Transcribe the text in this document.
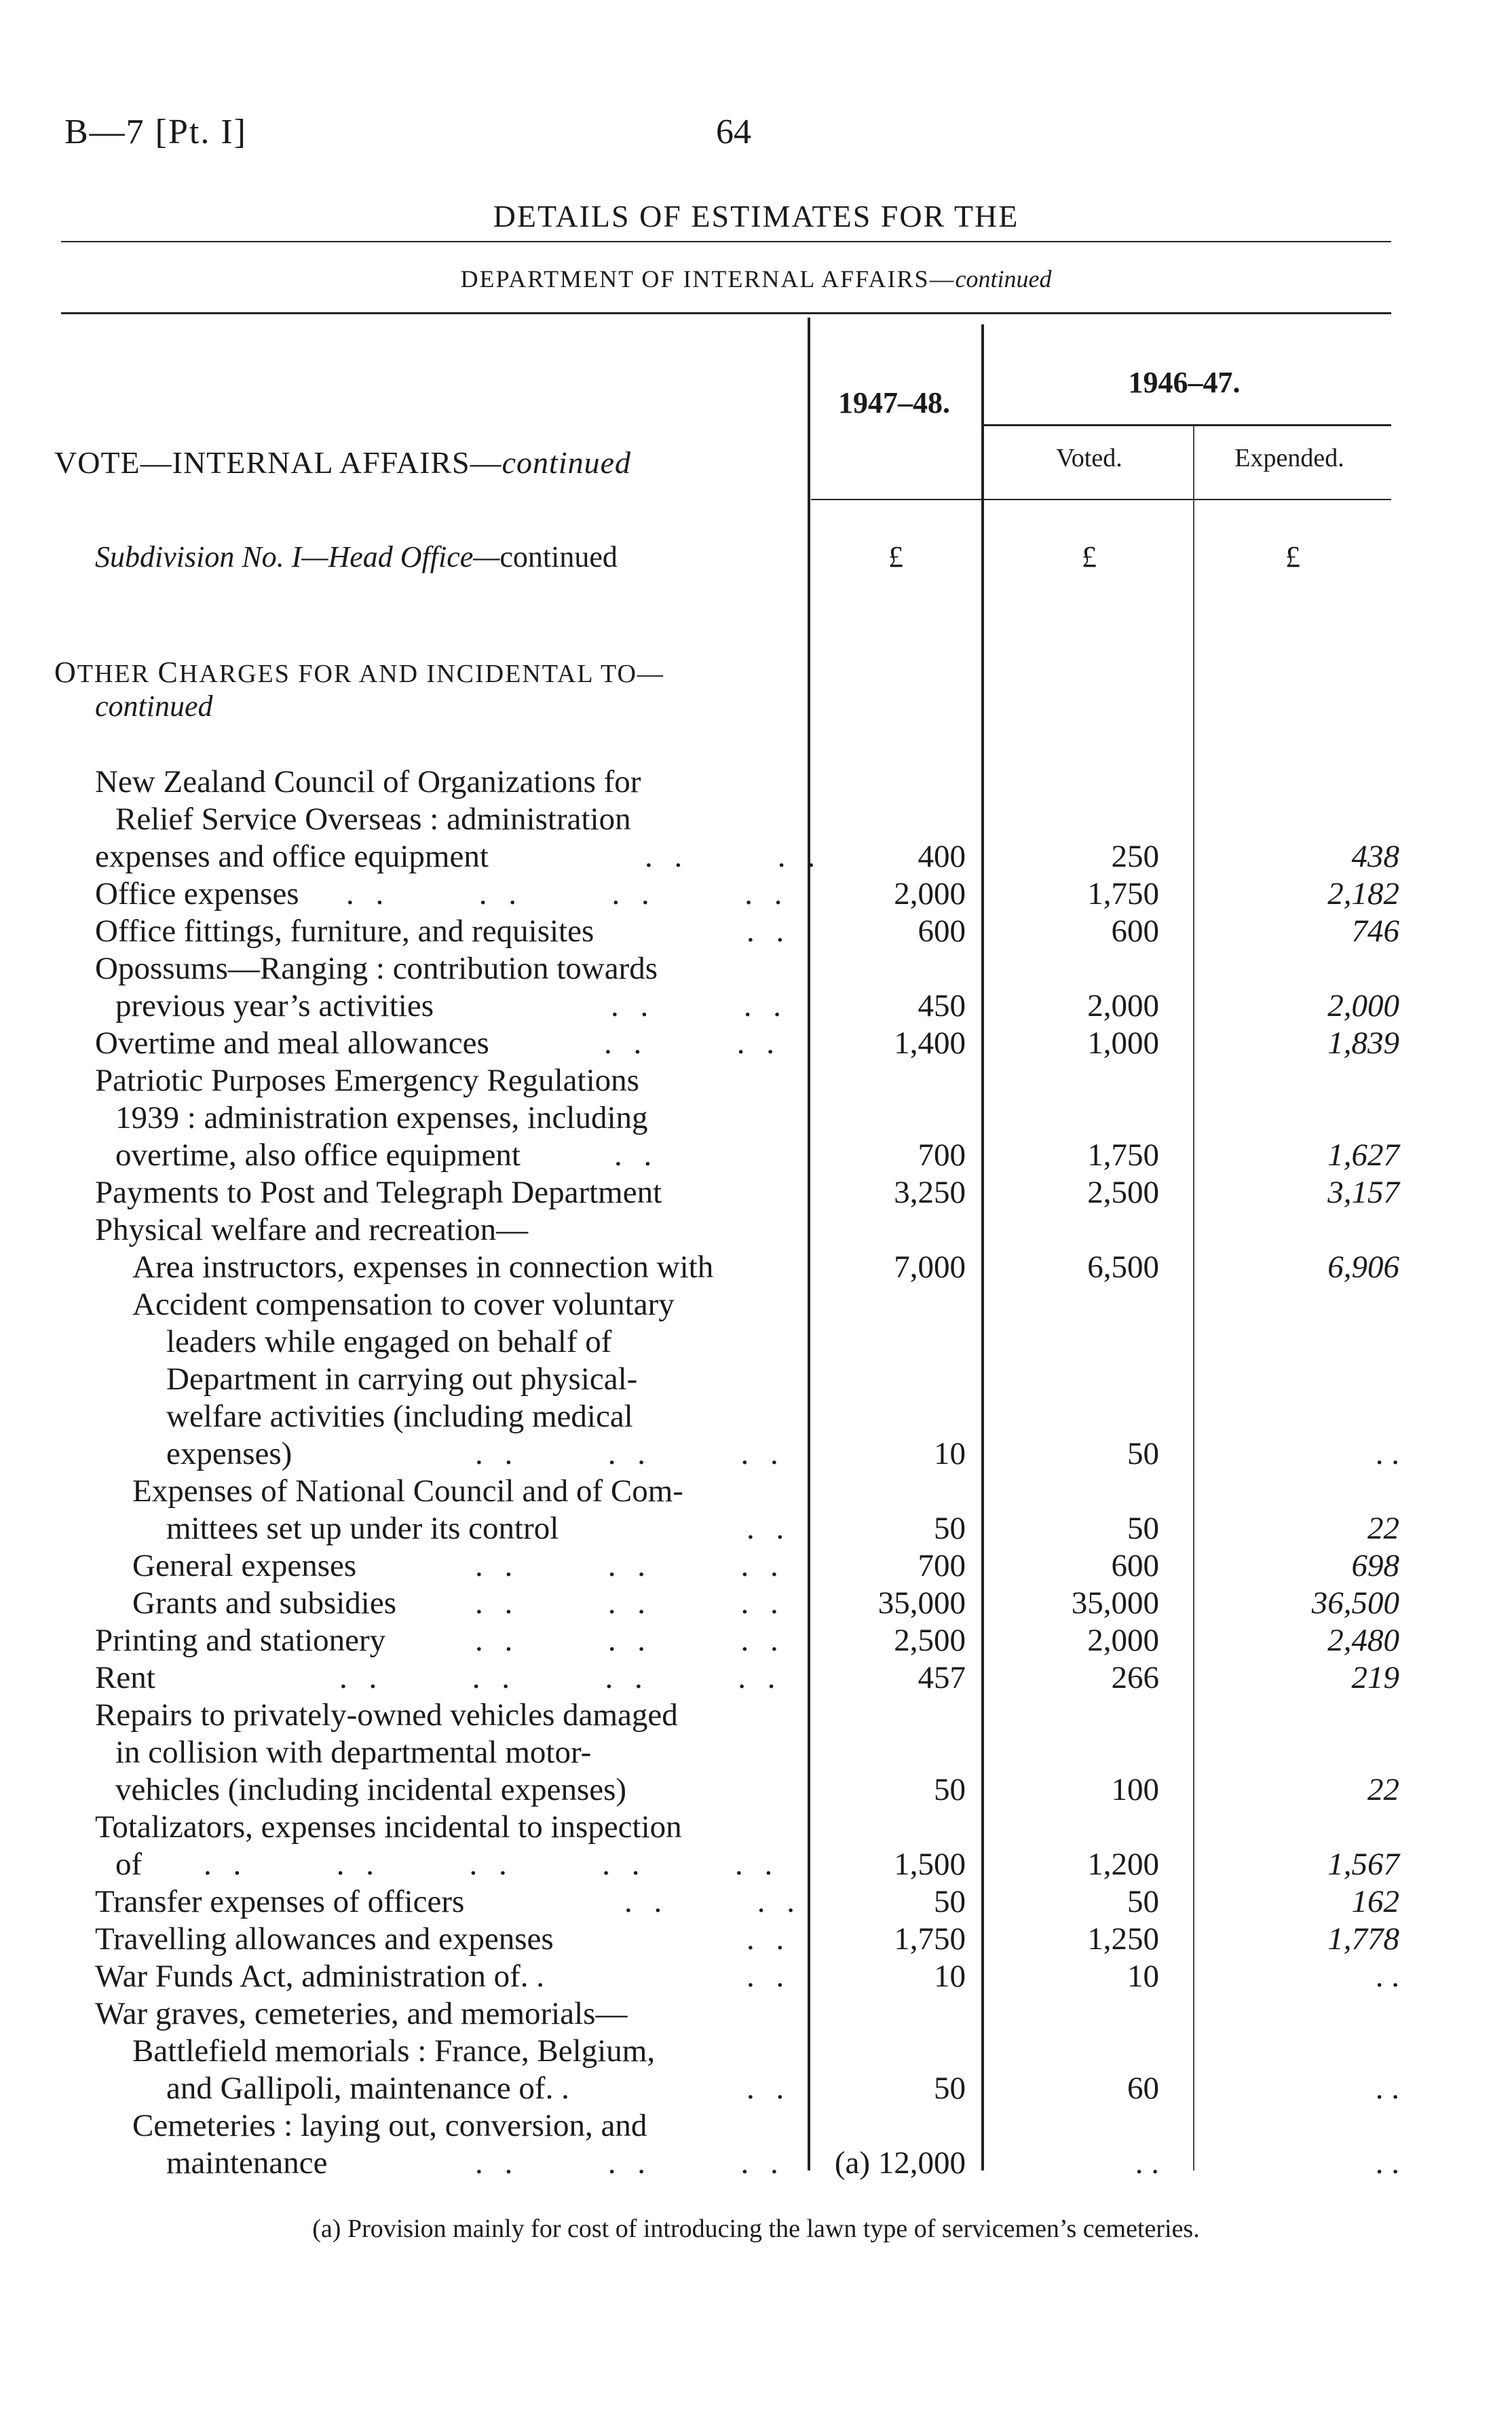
B—7 [Pt. I]	64
DETAILS OF ESTIMATES FOR THE
DEPARTMENT OF INTERNAL AFFAIRS—continued
1947–48.
1946–47.
Voted.	Expended.
£	£	£
VOTE—INTERNAL AFFAIRS—continued
Subdivision No. I—Head Office—continued
OTHER CHARGES FOR AND INCIDENTAL TO—
continued
New Zealand Council of Organizations for
Relief Service Overseas : administration
expenses and office equipment	. .      . .	400	250	438
Office expenses . .      . .      . .      . .	2,000	1,750	2,182
Office fittings, furniture, and requisites	. .	600	600	746
Opossums—Ranging : contribution towards
previous year’s activities	. .      . .	450	2,000	2,000
Overtime and meal allowances	. .      . .	1,400	1,000	1,839
Patriotic Purposes Emergency Regulations
1939 : administration expenses, including
overtime, also office equipment	. .	700	1,750	1,627
Payments to Post and Telegraph Department	3,250	2,500	3,157
Physical welfare and recreation—
Area instructors, expenses in connection with	7,000	6,500	6,906
Accident compensation to cover voluntary
leaders while engaged on behalf of
Department in carrying out physical-
welfare activities (including medical
expenses)	. .      . .      . .	10	50	. .
Expenses of National Council and of Com-
mittees set up under its control	. .	50	50	22
General expenses	. .      . .      . .	700	600	698
Grants and subsidies . .      . .      . .	35,000	35,000	36,500
Printing and stationery	. .      . .      . .	2,500	2,000	2,480
Rent	. .      . .      . .      . .	457	266	219
Repairs to privately-owned vehicles damaged
in collision with departmental motor-
vehicles (including incidental expenses)	50	100	22
Totalizators, expenses incidental to inspection
of . .      . .      . .      . .      . .	1,500	1,200	1,567
Transfer expenses of officers	. .      . .	50	50	162
Travelling allowances and expenses	. .	1,750	1,250	1,778
War Funds Act, administration of. .	. .	10	10	. .
War graves, cemeteries, and memorials—
Battlefield memorials : France, Belgium,
and Gallipoli, maintenance of. .	. .	50	60	. .
Cemeteries : laying out, conversion, and
maintenance	. .      . .      . .	(a) 12,000	. .	. .
(a) Provision mainly for cost of introducing the lawn type of servicemen’s cemeteries.
